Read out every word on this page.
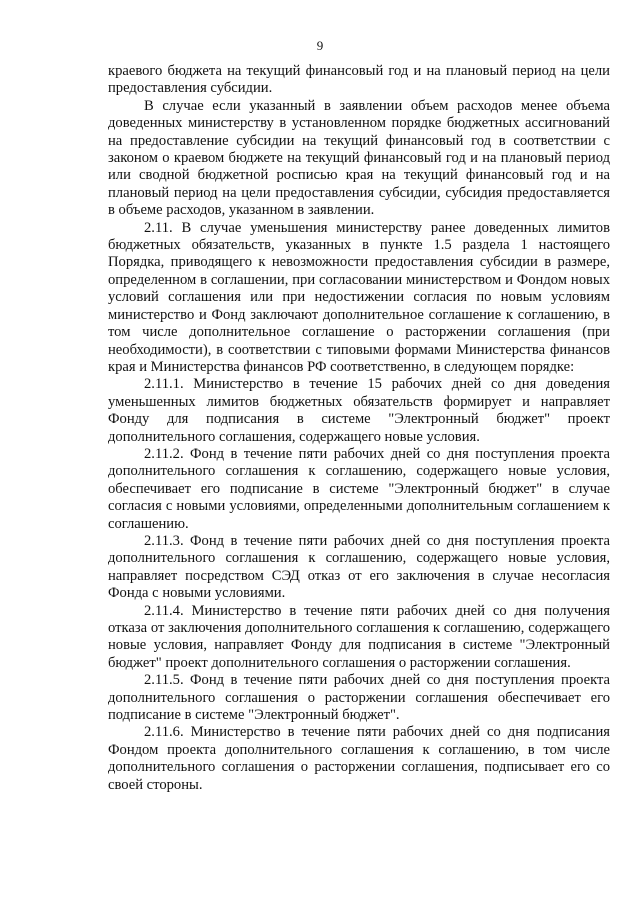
9

краевого бюджета на текущий финансовый год и на плановый период на цели предоставления субсидии.

В случае если указанный в заявлении объем расходов менее объема доведенных министерству в установленном порядке бюджетных ассигнований на предоставление субсидии на текущий финансовый год в соответствии с законом о краевом бюджете на текущий финансовый год и на плановый период или сводной бюджетной росписью края на текущий финансовый год и на плановый период на цели предоставления субсидии, субсидия предоставляется в объеме расходов, указанном в заявлении.

2.11. В случае уменьшения министерству ранее доведенных лимитов бюджетных обязательств, указанных в пункте 1.5 раздела 1 настоящего Порядка, приводящего к невозможности предоставления субсидии в размере, определенном в соглашении, при согласовании министерством и Фондом новых условий соглашения или при недостижении согласия по новым условиям министерство и Фонд заключают дополнительное соглашение к соглашению, в том числе дополнительное соглашение о расторжении соглашения (при необходимости), в соответствии с типовыми формами Министерства финансов края и Министерства финансов РФ соответственно, в следующем порядке:

2.11.1. Министерство в течение 15 рабочих дней со дня доведения уменьшенных лимитов бюджетных обязательств формирует и направляет Фонду для подписания в системе "Электронный бюджет" проект дополнительного соглашения, содержащего новые условия.

2.11.2. Фонд в течение пяти рабочих дней со дня поступления проекта дополнительного соглашения к соглашению, содержащего новые условия, обеспечивает его подписание в системе "Электронный бюджет" в случае согласия с новыми условиями, определенными дополнительным соглашением к соглашению.

2.11.3. Фонд в течение пяти рабочих дней со дня поступления проекта дополнительного соглашения к соглашению, содержащего новые условия, направляет посредством СЭД отказ от его заключения в случае несогласия Фонда с новыми условиями.

2.11.4. Министерство в течение пяти рабочих дней со дня получения отказа от заключения дополнительного соглашения к соглашению, содержащего новые условия, направляет Фонду для подписания в системе "Электронный бюджет" проект дополнительного соглашения о расторжении соглашения.

2.11.5. Фонд в течение пяти рабочих дней со дня поступления проекта дополнительного соглашения о расторжении соглашения обеспечивает его подписание в системе "Электронный бюджет".

2.11.6. Министерство в течение пяти рабочих дней со дня подписания Фондом проекта дополнительного соглашения к соглашению, в том числе дополнительного соглашения о расторжении соглашения, подписывает его со своей стороны.
